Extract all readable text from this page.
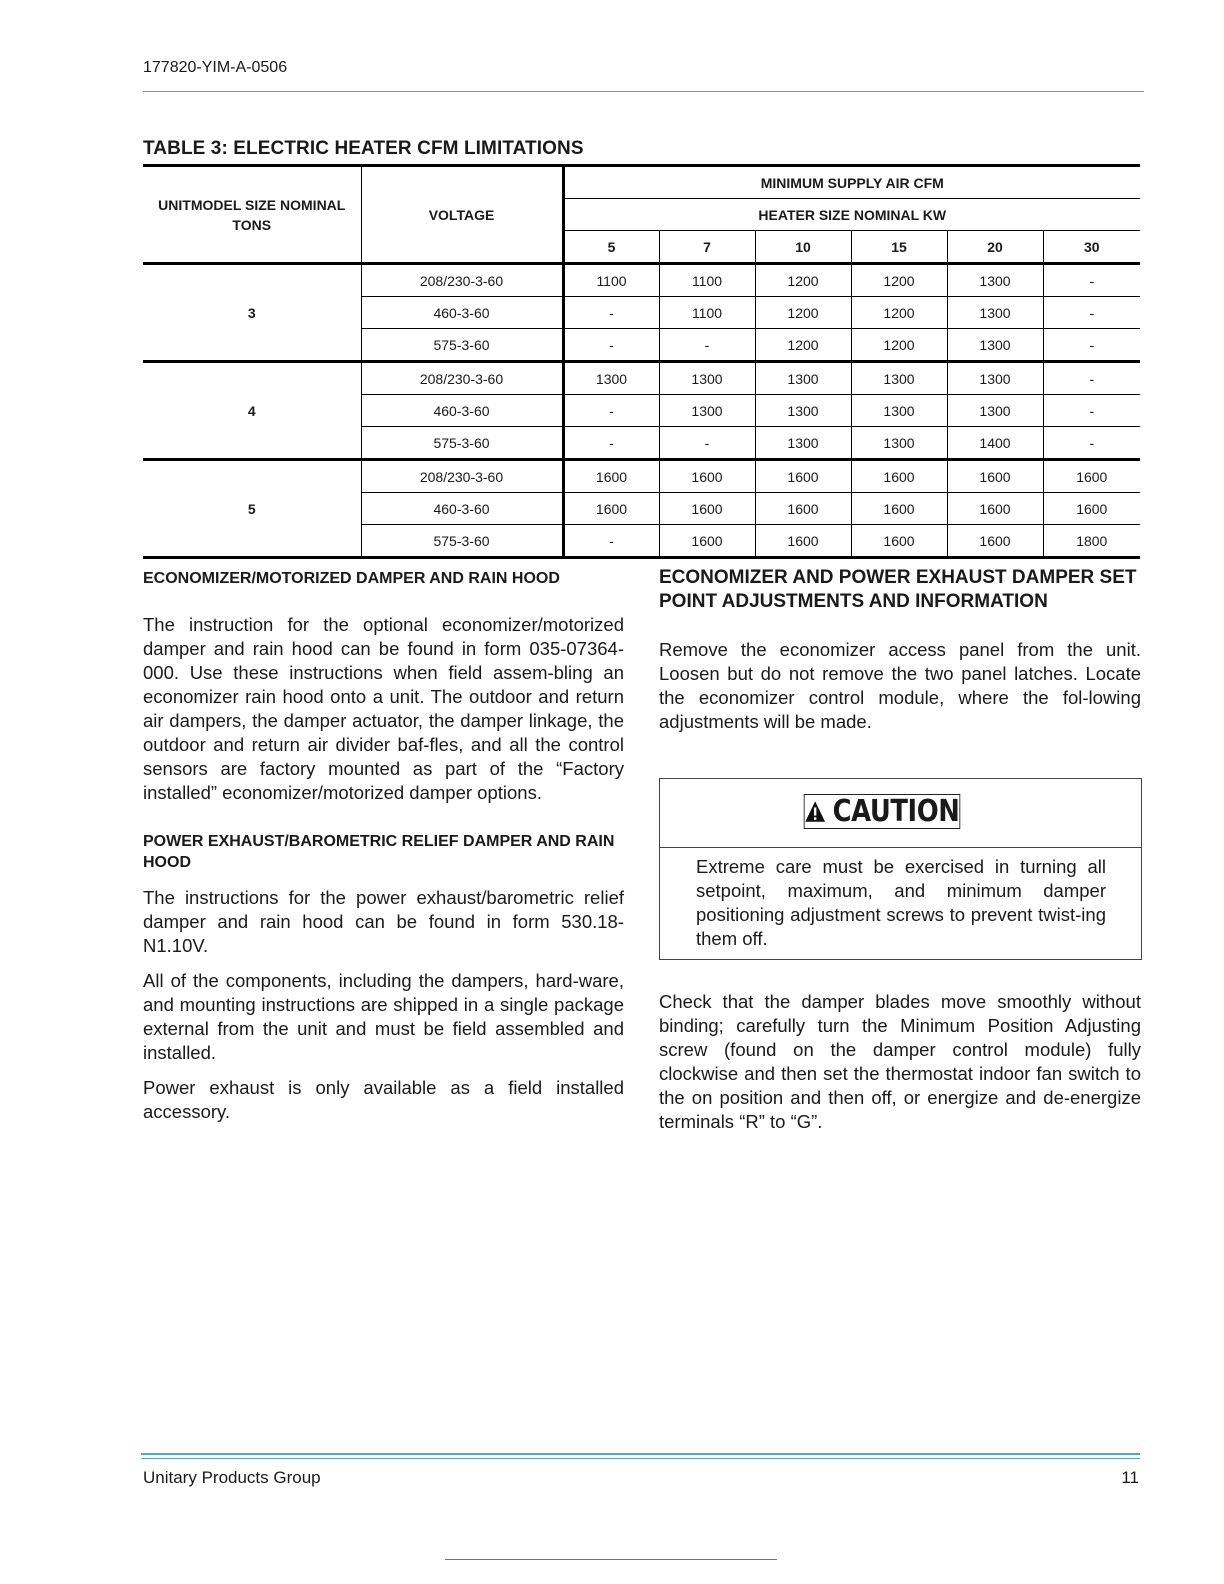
177820-YIM-A-0506
TABLE 3: ELECTRIC HEATER CFM LIMITATIONS
UNITMODEL SIZE NOMINAL TONS	VOLTAGE	MINIMUM SUPPLY AIR CFM					
		HEATER SIZE NOMINAL KW					
		5	7	10	15	20	30
3	208/230-3-60	1100	1100	1200	1200	1300	-
	460-3-60	-	1100	1200	1200	1300	-
	575-3-60	-	-	1200	1200	1300	-
4	208/230-3-60	1300	1300	1300	1300	1300	-
	460-3-60	-	1300	1300	1300	1300	-
	575-3-60	-	-	1300	1300	1400	-
5	208/230-3-60	1600	1600	1600	1600	1600	1600
	460-3-60	1600	1600	1600	1600	1600	1600
	575-3-60	-	1600	1600	1600	1600	1800

ECONOMIZER/MOTORIZED DAMPER AND RAIN HOOD

The instruction for the optional economizer/motorized damper and rain hood can be found in form 035-07364-000. Use these instructions when field assem-bling an economizer rain hood onto a unit. The outdoor and return air dampers, the damper actuator, the damper linkage, the outdoor and return air divider baf-fles, and all the control sensors are factory mounted as part of the “Factory installed” economizer/motorized damper options.

POWER EXHAUST/BAROMETRIC RELIEF DAMPER AND RAIN HOOD

The instructions for the power exhaust/barometric relief damper and rain hood can be found in form 530.18-N1.10V.

All of the components, including the dampers, hard-ware, and mounting instructions are shipped in a single package external from the unit and must be field assembled and installed.

Power exhaust is only available as a field installed accessory.

ECONOMIZER AND POWER EXHAUST DAMPER SET POINT ADJUSTMENTS AND INFORMATION

Remove the economizer access panel from the unit. Loosen but do not remove the two panel latches. Locate the economizer control module, where the fol-lowing adjustments will be made.

CAUTION
Extreme care must be exercised in turning all setpoint, maximum, and minimum damper positioning adjustment screws to prevent twist-ing them off.

Check that the damper blades move smoothly without binding; carefully turn the Minimum Position Adjusting screw (found on the damper control module) fully clockwise and then set the thermostat indoor fan switch to the on position and then off, or energize and de-energize terminals “R” to “G”.

Unitary Products Group	11
